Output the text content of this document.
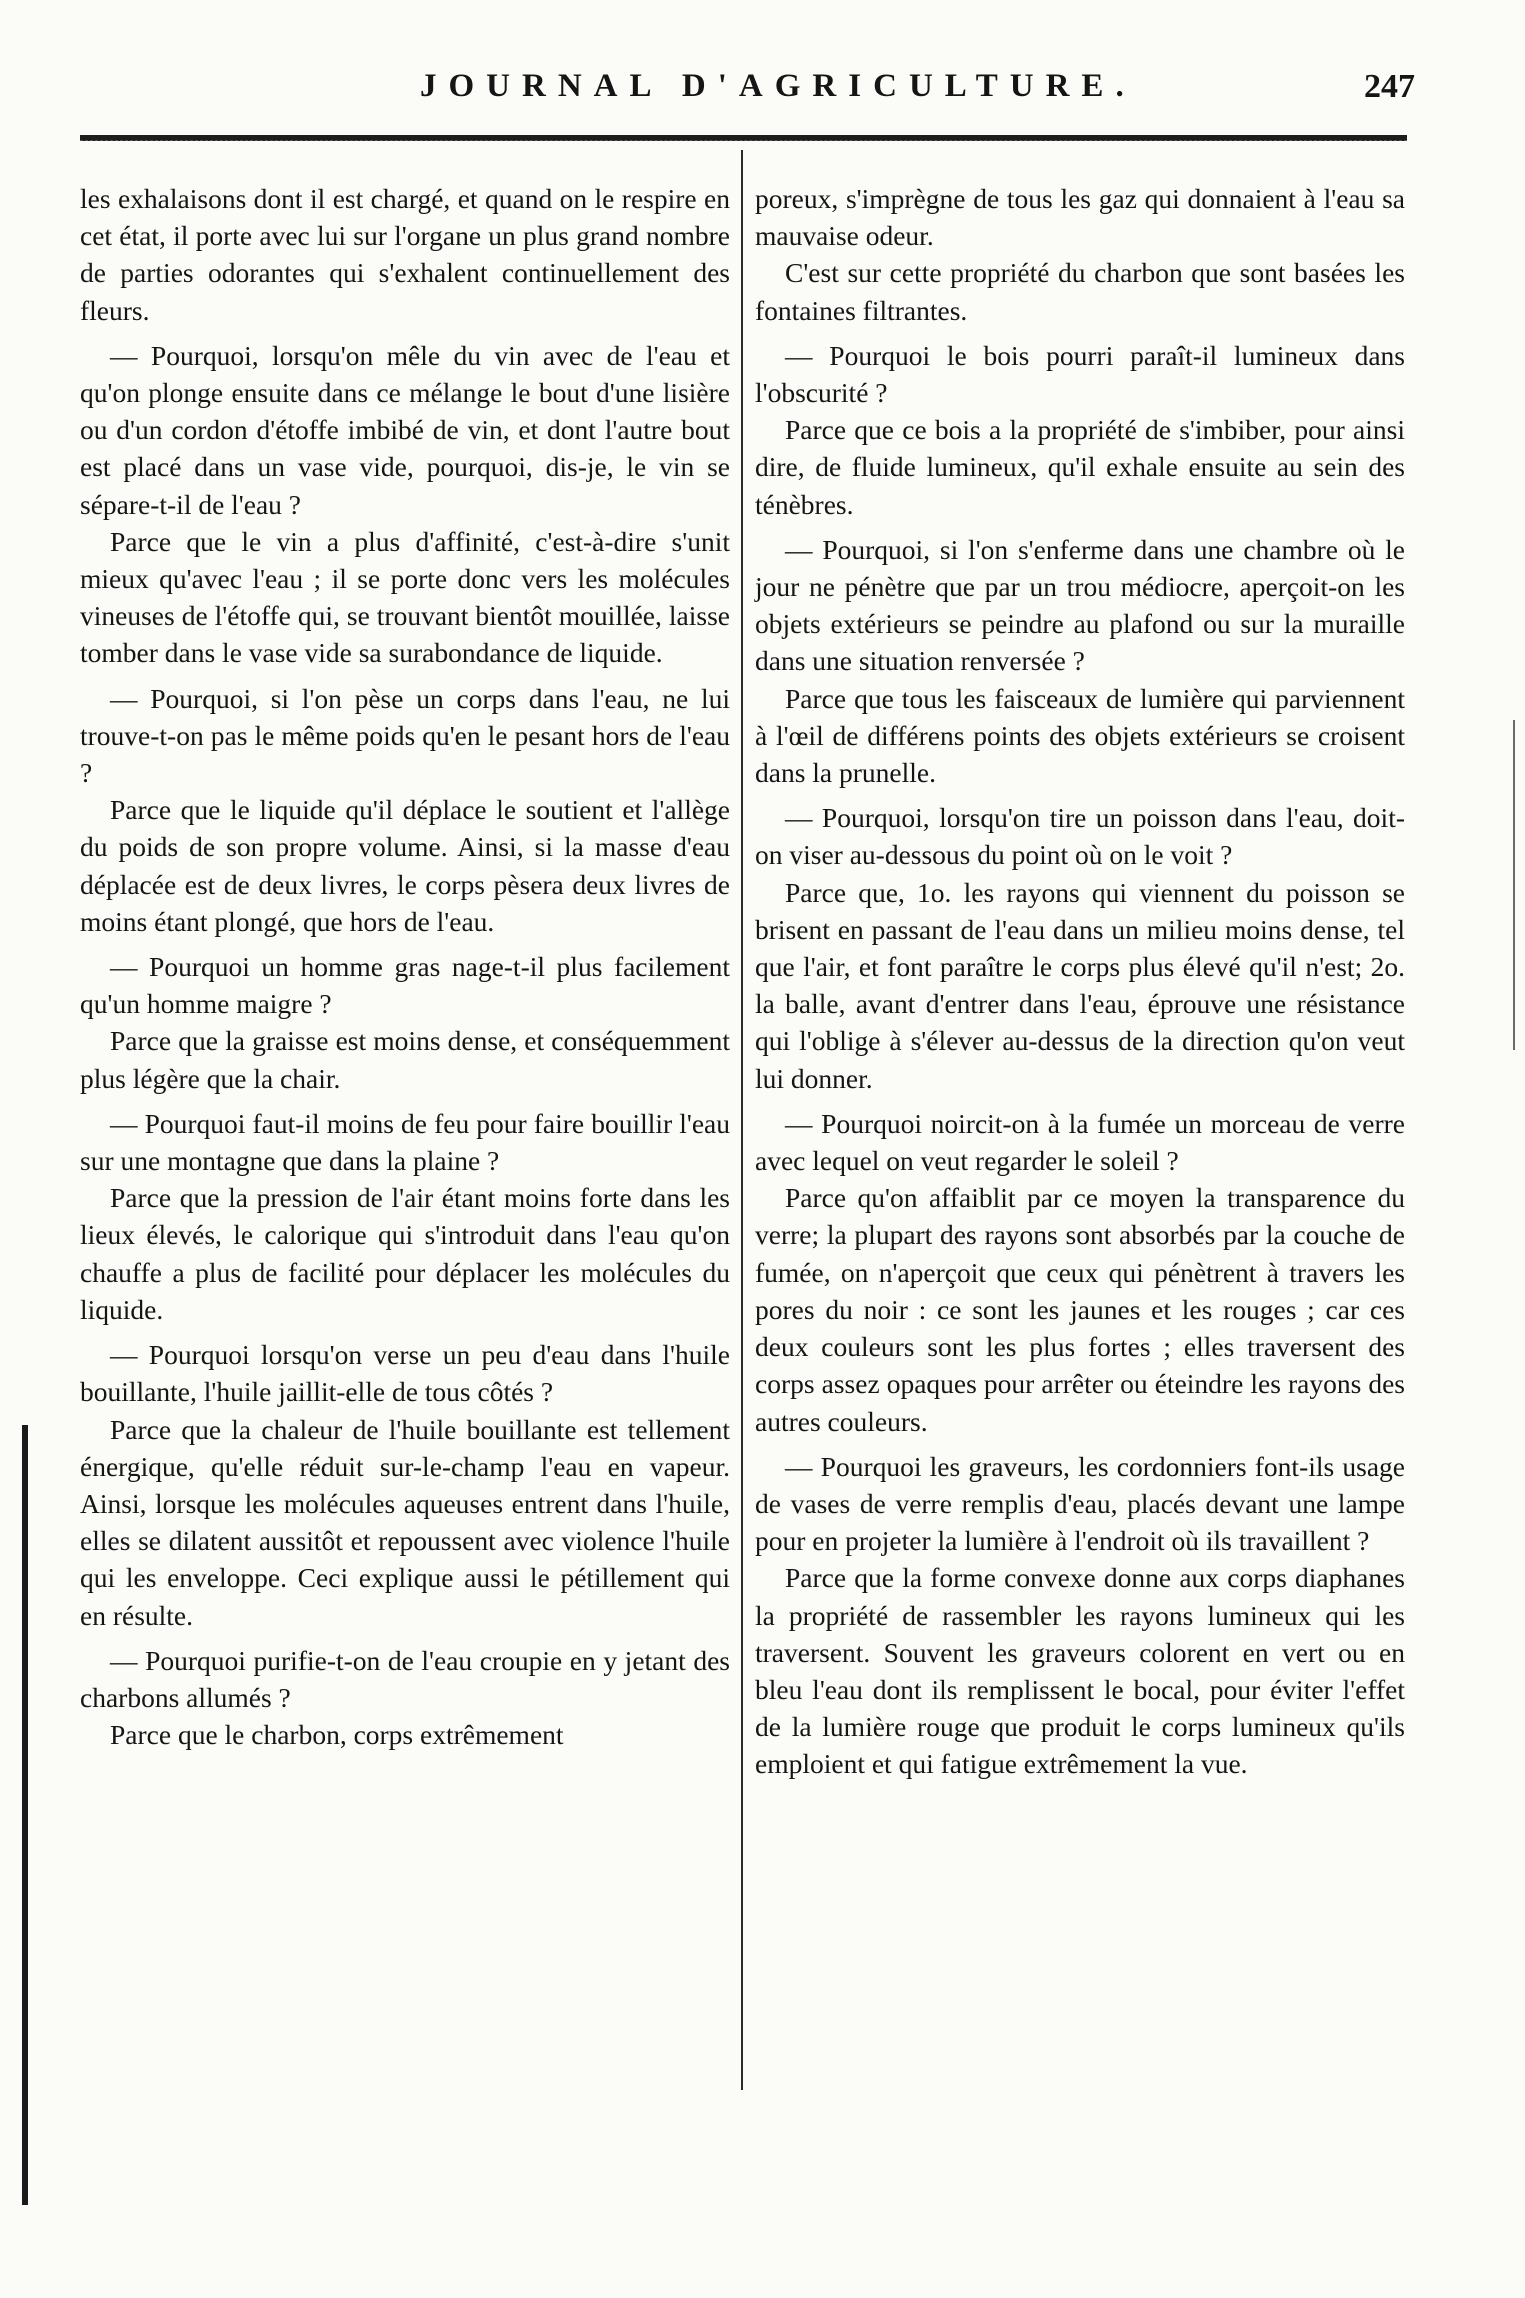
JOURNAL D'AGRICULTURE.	247

les exhalaisons dont il est chargé, et quand on le respire en cet état, il porte avec lui sur l'organe un plus grand nombre de parties odorantes qui s'exhalent continuellement des fleurs.

— Pourquoi, lorsqu'on mêle du vin avec de l'eau et qu'on plonge ensuite dans ce mélange le bout d'une lisière ou d'un cordon d'étoffe imbibé de vin, et dont l'autre bout est placé dans un vase vide, pourquoi, dis-je, le vin se sépare-t-il de l'eau ?

Parce que le vin a plus d'affinité, c'est-à-dire s'unit mieux qu'avec l'eau ; il se porte donc vers les molécules vineuses de l'étoffe qui, se trouvant bientôt mouillée, laisse tomber dans le vase vide sa surabondance de liquide.

— Pourquoi, si l'on pèse un corps dans l'eau, ne lui trouve-t-on pas le même poids qu'en le pesant hors de l'eau ?

Parce que le liquide qu'il déplace le soutient et l'allège du poids de son propre volume. Ainsi, si la masse d'eau déplacée est de deux livres, le corps pèsera deux livres de moins étant plongé, que hors de l'eau.

— Pourquoi un homme gras nage-t-il plus facilement qu'un homme maigre ?

Parce que la graisse est moins dense, et conséquemment plus légère que la chair.

— Pourquoi faut-il moins de feu pour faire bouillir l'eau sur une montagne que dans la plaine ?

Parce que la pression de l'air étant moins forte dans les lieux élevés, le calorique qui s'introduit dans l'eau qu'on chauffe a plus de facilité pour déplacer les molécules du liquide.

— Pourquoi lorsqu'on verse un peu d'eau dans l'huile bouillante, l'huile jaillit-elle de tous côtés ?

Parce que la chaleur de l'huile bouillante est tellement énergique, qu'elle réduit sur-le-champ l'eau en vapeur. Ainsi, lorsque les molécules aqueuses entrent dans l'huile, elles se dilatent aussitôt et repoussent avec violence l'huile qui les enveloppe. Ceci explique aussi le pétillement qui en résulte.

— Pourquoi purifie-t-on de l'eau croupie en y jetant des charbons allumés ?

Parce que le charbon, corps extrêmement

poreux, s'imprègne de tous les gaz qui donnaient à l'eau sa mauvaise odeur.

C'est sur cette propriété du charbon que sont basées les fontaines filtrantes.

— Pourquoi le bois pourri paraît-il lumineux dans l'obscurité ?

Parce que ce bois a la propriété de s'imbiber, pour ainsi dire, de fluide lumineux, qu'il exhale ensuite au sein des ténèbres.

— Pourquoi, si l'on s'enferme dans une chambre où le jour ne pénètre que par un trou médiocre, aperçoit-on les objets extérieurs se peindre au plafond ou sur la muraille dans une situation renversée ?

Parce que tous les faisceaux de lumière qui parviennent à l'œil de différens points des objets extérieurs se croisent dans la prunelle.

— Pourquoi, lorsqu'on tire un poisson dans l'eau, doit-on viser au-dessous du point où on le voit ?

Parce que, 1o. les rayons qui viennent du poisson se brisent en passant de l'eau dans un milieu moins dense, tel que l'air, et font paraître le corps plus élevé qu'il n'est; 2o. la balle, avant d'entrer dans l'eau, éprouve une résistance qui l'oblige à s'élever au-dessus de la direction qu'on veut lui donner.

— Pourquoi noircit-on à la fumée un morceau de verre avec lequel on veut regarder le soleil ?

Parce qu'on affaiblit par ce moyen la transparence du verre; la plupart des rayons sont absorbés par la couche de fumée, on n'aperçoit que ceux qui pénètrent à travers les pores du noir : ce sont les jaunes et les rouges ; car ces deux couleurs sont les plus fortes ; elles traversent des corps assez opaques pour arrêter ou éteindre les rayons des autres couleurs.

— Pourquoi les graveurs, les cordonniers font-ils usage de vases de verre remplis d'eau, placés devant une lampe pour en projeter la lumière à l'endroit où ils travaillent ?

Parce que la forme convexe donne aux corps diaphanes la propriété de rassembler les rayons lumineux qui les traversent. Souvent les graveurs colorent en vert ou en bleu l'eau dont ils remplissent le bocal, pour éviter l'effet de la lumière rouge que produit le corps lumineux qu'ils emploient et qui fatigue extrêmement la vue.
